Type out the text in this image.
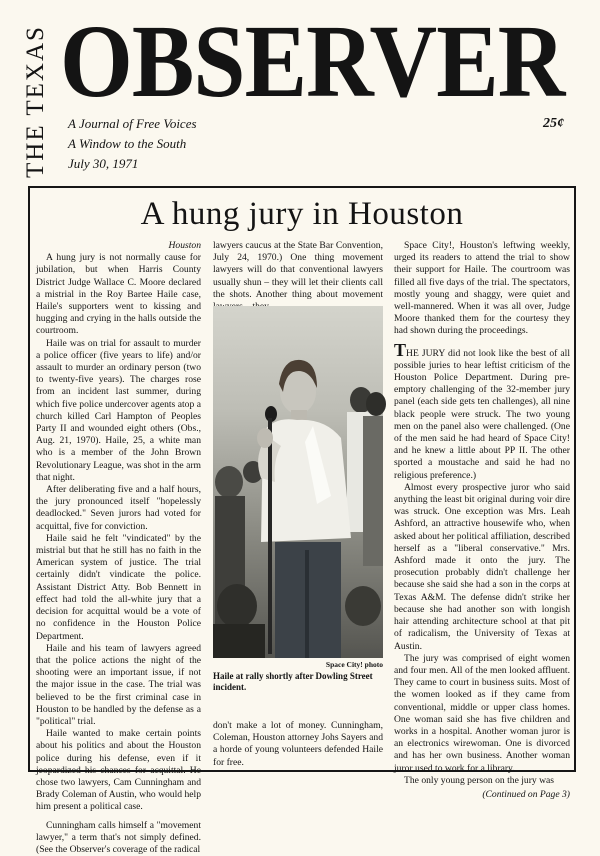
THE TEXAS OBSERVER
A Journal of Free Voices
A Window to the South
July 30, 1971
25¢
A hung jury in Houston

Houston

A hung jury is not normally cause for jubilation, but when Harris County District Judge Wallace C. Moore declared a mistrial in the Roy Bartee Haile case, Haile's supporters went to kissing and hugging and crying in the halls outside the courtroom.

Haile was on trial for assault to murder a police officer (five years to life) and/or assault to murder an ordinary person (two to twenty-five years). The charges rose from an incident last summer, during which five police undercover agents atop a church killed Carl Hampton of Peoples Party II and wounded eight others (Obs., Aug. 21, 1970). Haile, 25, a white man who is a member of the John Brown Revolutionary League, was shot in the arm that night.

After deliberating five and a half hours, the jury pronounced itself "hopelessly deadlocked." Seven jurors had voted for acquittal, five for conviction.

Haile said he felt "vindicated" by the mistrial but that he still has no faith in the American system of justice. The trial certainly didn't vindicate the police. Assistant District Atty. Bob Bennett in effect had told the all-white jury that a decision for acquittal would be a vote of no confidence in the Houston Police Department.

Haile and his team of lawyers agreed that the police actions the night of the shooting were an important issue, if not the major issue in the case. The trial was believed to be the first criminal case in Houston to be handled by the defense as a "political" trial.

Haile wanted to make certain points about his politics and about the Houston police during his defense, even if it jeopardized his chances for acquittal. He chose two lawyers, Cam Cunningham and Brady Coleman of Austin, who would help him present a political case.

Cunningham calls himself a "movement lawyer," a term that's not simply defined. (See the Observer's coverage of the radical

lawyers caucus at the State Bar Convention, July 24, 1970.) One thing movement lawyers will do that conventional lawyers usually shun – they will let their clients call the shots. Another thing about movement

Space City! photo
Haile at rally shortly after Dowling Street incident.

don't make a lot of money. Cunningham, Coleman, Houston attorney Johs Sayers and a horde of young volunteers defended Haile for free.

Space City!, Houston's leftwing weekly, urged its readers to attend the trial to show their support for Haile. The courtroom was filled all five days of the trial. The spectators, mostly young and shaggy, were quiet and well-mannered. When it was all over, Judge Moore thanked them for the courtesy they had shown during the proceedings.

THE JURY did not look like the best of all possible juries to hear leftist criticism of the Houston Police Department. During pre-emptory challenging of the 32-member jury panel (each side gets ten challenges), all nine black people were struck. The two young men on the panel also were challenged. (One of the men said he had heard of Space City! and he knew a little about PP II. The other sported a moustache and said he had no religious preference.)

Almost every prospective juror who said anything the least bit original during voir dire was struck. One exception was Mrs. Leah Ashford, an attractive housewife who, when asked about her political affiliation, described herself as a "liberal conservative." Mrs. Ashford made it onto the jury. The prosecution probably didn't challenge her because she said she had a son in the corps at Texas A&M. The defense didn't strike her because she had another son with longish hair attending architecture school at that pit of radicalism, the University of Texas at Austin.

The jury was comprised of eight women and four men. All of the men looked affluent. They came to court in business suits. Most of the women looked as if they came from conventional, middle or upper class homes. One woman said she has five children and works in a hospital. Another woman juror is an electronics wirewoman. One is divorced and has her own business. Another woman juror used to work for a library.

The only young person on the jury was

(Continued on Page 3)
